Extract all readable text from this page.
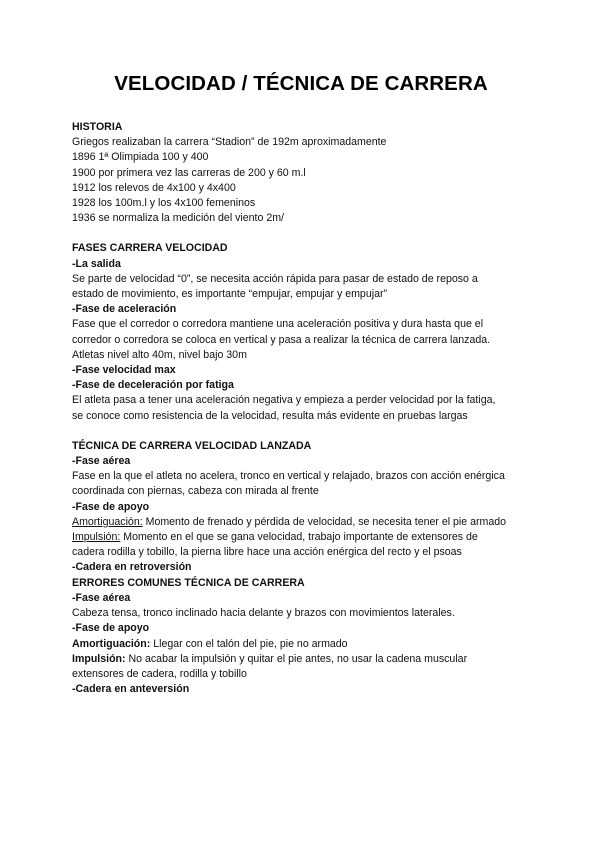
VELOCIDAD / TÉCNICA DE CARRERA

HISTORIA

Griegos realizaban la carrera “Stadion” de 192m aproximadamente

1896 1ª Olimpiada 100 y 400

1900 por primera vez las carreras de 200 y 60 m.l

1912 los relevos de 4x100 y 4x400

1928 los 100m.l y los 4x100 femeninos

1936 se normaliza la medición del viento 2m/

FASES CARRERA VELOCIDAD

-La salida

Se parte de velocidad “0”, se necesita acción rápida para pasar de estado de reposo a

estado de movimiento, es importante “empujar, empujar y empujar”

-Fase de aceleración

Fase que el corredor o corredora mantiene una aceleración positiva y dura hasta que el

corredor o corredora se coloca en vertical y pasa a realizar la técnica de carrera lanzada.

Atletas nivel alto 40m, nivel bajo 30m

-Fase velocidad max

-Fase de deceleración por fatiga

El atleta pasa a tener una aceleración negativa y empieza a perder velocidad por la fatiga,

se conoce como resistencia de la velocidad, resulta más evidente en pruebas largas

TÉCNICA DE CARRERA VELOCIDAD LANZADA

-Fase aérea

Fase en la que el atleta no acelera, tronco en vertical y relajado, brazos con acción enérgica

coordinada con piernas, cabeza con mirada al frente

-Fase de apoyo

Amortiguación: Momento de frenado y pérdida de velocidad, se necesita tener el pie armado

Impulsión: Momento en el que se gana velocidad, trabajo importante de extensores de

cadera rodilla y tobillo, la pierna libre hace una acción enérgica del recto y el psoas

-Cadera en retroversión

ERRORES COMUNES TÉCNICA DE CARRERA

-Fase aérea

Cabeza tensa, tronco inclinado hacia delante y brazos con movimientos laterales.

-Fase de apoyo

Amortiguación: Llegar con el talón del pie, pie no armado

Impulsión: No acabar la impulsión y quitar el pie antes, no usar la cadena muscular

extensores de cadera, rodilla y tobillo

-Cadera en anteversión
